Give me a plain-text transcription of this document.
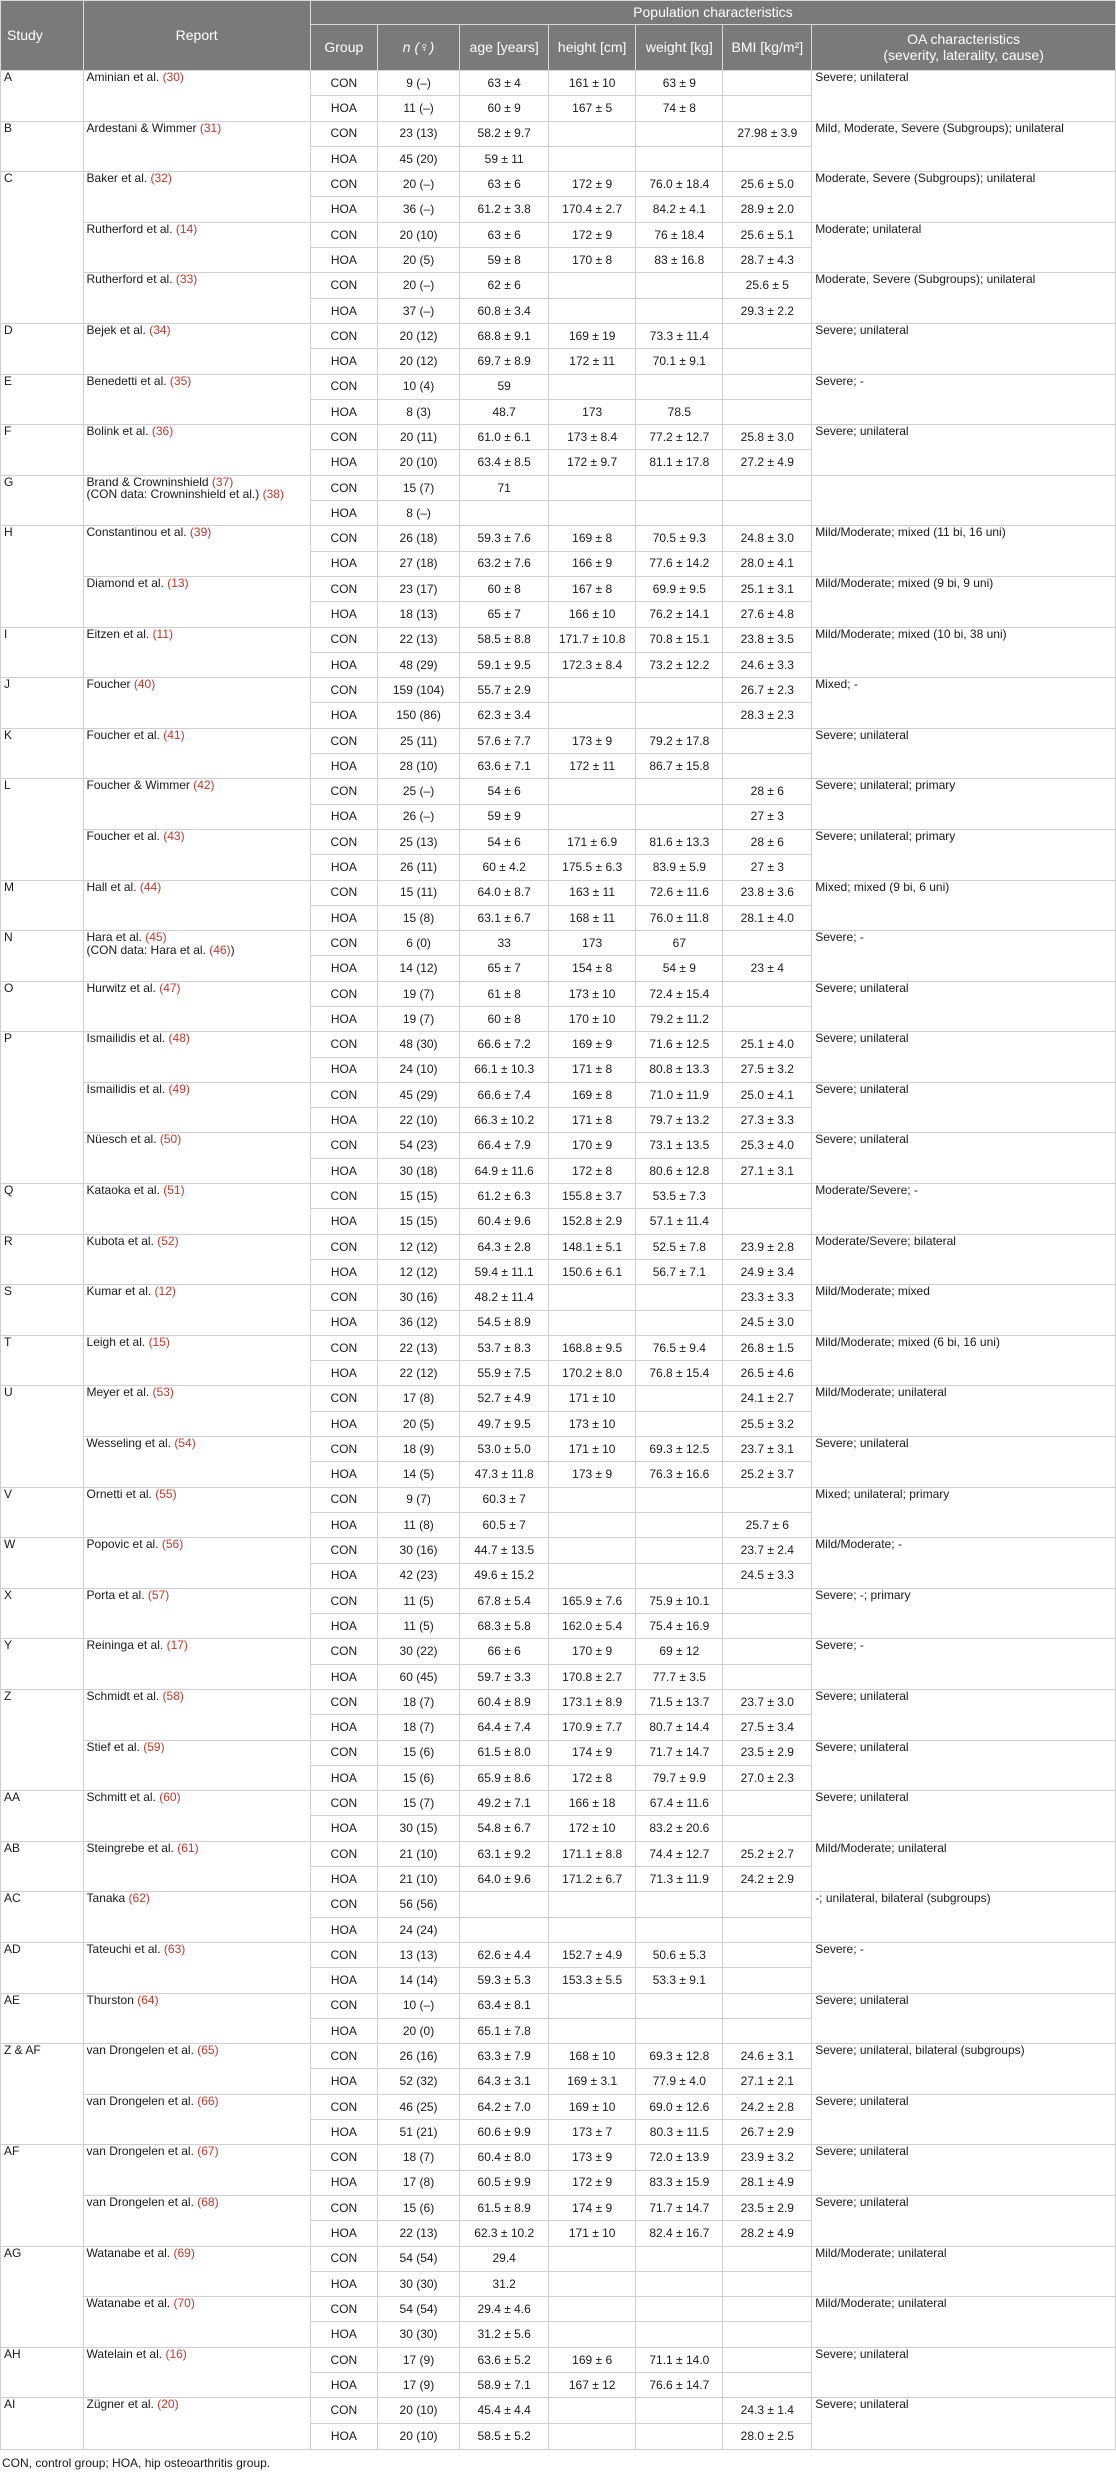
Study	Report	Population characteristics						
		Group	n (♀)	age [years]	height [cm]	weight [kg]	BMI [kg/m²]	OA characteristics
(severity, laterality, cause)
A	Aminian et al. (30)	CON	9 (–)	63 ± 4	161 ± 10	63 ± 9		Severe; unilateral
		HOA	11 (–)	60 ± 9	167 ± 5	74 ± 8		
B	Ardestani & Wimmer (31)	CON	23 (13)	58.2 ± 9.7			27.98 ± 3.9	Mild, Moderate, Severe (Subgroups); unilateral
		HOA	45 (20)	59 ± 11				
C	Baker et al. (32)	CON	20 (–)	63 ± 6	172 ± 9	76.0 ± 18.4	25.6 ± 5.0	Moderate, Severe (Subgroups); unilateral
		HOA	36 (–)	61.2 ± 3.8	170.4 ± 2.7	84.2 ± 4.1	28.9 ± 2.0	

	Rutherford et al. (14)	CON	20 (10)	63 ± 6	172 ± 9	76 ± 18.4	25.6 ± 5.1	Moderate; unilateral
		HOA	20 (5)	59 ± 8	170 ± 8	83 ± 16.8	28.7 ± 4.3	

	Rutherford et al. (33)	CON	20 (–)	62 ± 6			25.6 ± 5	Moderate, Severe (Subgroups); unilateral
		HOA	37 (–)	60.8 ± 3.4			29.3 ± 2.2	
D	Bejek et al. (34)	CON	20 (12)	68.8 ± 9.1	169 ± 19	73.3 ± 11.4		Severe; unilateral
		HOA	20 (12)	69.7 ± 8.9	172 ± 11	70.1 ± 9.1		
E	Benedetti et al. (35)	CON	10 (4)	59				Severe; -
		HOA	8 (3)	48.7	173	78.5		
F	Bolink et al. (36)	CON	20 (11)	61.0 ± 6.1	173 ± 8.4	77.2 ± 12.7	25.8 ± 3.0	Severe; unilateral
		HOA	20 (10)	63.4 ± 8.5	172 ± 9.7	81.1 ± 17.8	27.2 ± 4.9	
G	Brand & Crowninshield (37)
(CON data: Crowninshield et al.) (38)	CON	15 (7)	71				
		HOA	8 (–)					
H	Constantinou et al. (39)	CON	26 (18)	59.3 ± 7.6	169 ± 8	70.5 ± 9.3	24.8 ± 3.0	Mild/Moderate; mixed (11 bi, 16 uni)
		HOA	27 (18)	63.2 ± 7.6	166 ± 9	77.6 ± 14.2	28.0 ± 4.1	

	Diamond et al. (13)	CON	23 (17)	60 ± 8	167 ± 8	69.9 ± 9.5	25.1 ± 3.1	Mild/Moderate; mixed (9 bi, 9 uni)
		HOA	18 (13)	65 ± 7	166 ± 10	76.2 ± 14.1	27.6 ± 4.8	
I	Eitzen et al. (11)	CON	22 (13)	58.5 ± 8.8	171.7 ± 10.8	70.8 ± 15.1	23.8 ± 3.5	Mild/Moderate; mixed (10 bi, 38 uni)
		HOA	48 (29)	59.1 ± 9.5	172.3 ± 8.4	73.2 ± 12.2	24.6 ± 3.3	
J	Foucher (40)	CON	159 (104)	55.7 ± 2.9			26.7 ± 2.3	Mixed; -
		HOA	150 (86)	62.3 ± 3.4			28.3 ± 2.3	
K	Foucher et al. (41)	CON	25 (11)	57.6 ± 7.7	173 ± 9	79.2 ± 17.8		Severe; unilateral
		HOA	28 (10)	63.6 ± 7.1	172 ± 11	86.7 ± 15.8		
L	Foucher & Wimmer (42)	CON	25 (–)	54 ± 6			28 ± 6	Severe; unilateral; primary
		HOA	26 (–)	59 ± 9			27 ± 3	

	Foucher et al. (43)	CON	25 (13)	54 ± 6	171 ± 6.9	81.6 ± 13.3	28 ± 6	Severe; unilateral; primary
		HOA	26 (11)	60 ± 4.2	175.5 ± 6.3	83.9 ± 5.9	27 ± 3	
M	Hall et al. (44)	CON	15 (11)	64.0 ± 8.7	163 ± 11	72.6 ± 11.6	23.8 ± 3.6	Mixed; mixed (9 bi, 6 uni)
		HOA	15 (8)	63.1 ± 6.7	168 ± 11	76.0 ± 11.8	28.1 ± 4.0	
N	Hara et al. (45)
(CON data: Hara et al. (46))	CON	6 (0)	33	173	67		Severe; -
		HOA	14 (12)	65 ± 7	154 ± 8	54 ± 9	23 ± 4	
O	Hurwitz et al. (47)	CON	19 (7)	61 ± 8	173 ± 10	72.4 ± 15.4		Severe; unilateral
		HOA	19 (7)	60 ± 8	170 ± 10	79.2 ± 11.2		
P	Ismailidis et al. (48)	CON	48 (30)	66.6 ± 7.2	169 ± 9	71.6 ± 12.5	25.1 ± 4.0	Severe; unilateral
		HOA	24 (10)	66.1 ± 10.3	171 ± 8	80.8 ± 13.3	27.5 ± 3.2	

	Ismailidis et al. (49)	CON	45 (29)	66.6 ± 7.4	169 ± 8	71.0 ± 11.9	25.0 ± 4.1	Severe; unilateral
		HOA	22 (10)	66.3 ± 10.2	171 ± 8	79.7 ± 13.2	27.3 ± 3.3	

	Nüesch et al. (50)	CON	54 (23)	66.4 ± 7.9	170 ± 9	73.1 ± 13.5	25.3 ± 4.0	Severe; unilateral
		HOA	30 (18)	64.9 ± 11.6	172 ± 8	80.6 ± 12.8	27.1 ± 3.1	
Q	Kataoka et al. (51)	CON	15 (15)	61.2 ± 6.3	155.8 ± 3.7	53.5 ± 7.3		Moderate/Severe; -
		HOA	15 (15)	60.4 ± 9.6	152.8 ± 2.9	57.1 ± 11.4		
R	Kubota et al. (52)	CON	12 (12)	64.3 ± 2.8	148.1 ± 5.1	52.5 ± 7.8	23.9 ± 2.8	Moderate/Severe; bilateral
		HOA	12 (12)	59.4 ± 11.1	150.6 ± 6.1	56.7 ± 7.1	24.9 ± 3.4	
S	Kumar et al. (12)	CON	30 (16)	48.2 ± 11.4			23.3 ± 3.3	Mild/Moderate; mixed
		HOA	36 (12)	54.5 ± 8.9			24.5 ± 3.0	
T	Leigh et al. (15)	CON	22 (13)	53.7 ± 8.3	168.8 ± 9.5	76.5 ± 9.4	26.8 ± 1.5	Mild/Moderate; mixed (6 bi, 16 uni)
		HOA	22 (12)	55.9 ± 7.5	170.2 ± 8.0	76.8 ± 15.4	26.5 ± 4.6	
U	Meyer et al. (53)	CON	17 (8)	52.7 ± 4.9	171 ± 10		24.1 ± 2.7	Mild/Moderate; unilateral
		HOA	20 (5)	49.7 ± 9.5	173 ± 10		25.5 ± 3.2	

	Wesseling et al. (54)	CON	18 (9)	53.0 ± 5.0	171 ± 10	69.3 ± 12.5	23.7 ± 3.1	Severe; unilateral
		HOA	14 (5)	47.3 ± 11.8	173 ± 9	76.3 ± 16.6	25.2 ± 3.7	
V	Ornetti et al. (55)	CON	9 (7)	60.3 ± 7				Mixed; unilateral; primary
		HOA	11 (8)	60.5 ± 7			25.7 ± 6	
W	Popovic et al. (56)	CON	30 (16)	44.7 ± 13.5			23.7 ± 2.4	Mild/Moderate; -
		HOA	42 (23)	49.6 ± 15.2			24.5 ± 3.3	
X	Porta et al. (57)	CON	11 (5)	67.8 ± 5.4	165.9 ± 7.6	75.9 ± 10.1		Severe; -; primary
		HOA	11 (5)	68.3 ± 5.8	162.0 ± 5.4	75.4 ± 16.9		
Y	Reininga et al. (17)	CON	30 (22)	66 ± 6	170 ± 9	69 ± 12		Severe; -
		HOA	60 (45)	59.7 ± 3.3	170.8 ± 2.7	77.7 ± 3.5		
Z	Schmidt et al. (58)	CON	18 (7)	60.4 ± 8.9	173.1 ± 8.9	71.5 ± 13.7	23.7 ± 3.0	Severe; unilateral
		HOA	18 (7)	64.4 ± 7.4	170.9 ± 7.7	80.7 ± 14.4	27.5 ± 3.4	

	Stief et al. (59)	CON	15 (6)	61.5 ± 8.0	174 ± 9	71.7 ± 14.7	23.5 ± 2.9	Severe; unilateral
		HOA	15 (6)	65.9 ± 8.6	172 ± 8	79.7 ± 9.9	27.0 ± 2.3	
AA	Schmitt et al. (60)	CON	15 (7)	49.2 ± 7.1	166 ± 18	67.4 ± 11.6		Severe; unilateral
		HOA	30 (15)	54.8 ± 6.7	172 ± 10	83.2 ± 20.6		
AB	Steingrebe et al. (61)	CON	21 (10)	63.1 ± 9.2	171.1 ± 8.8	74.4 ± 12.7	25.2 ± 2.7	Mild/Moderate; unilateral
		HOA	21 (10)	64.0 ± 9.6	171.2 ± 6.7	71.3 ± 11.9	24.2 ± 2.9	
AC	Tanaka (62)	CON	56 (56)					-; unilateral, bilateral (subgroups)
		HOA	24 (24)					
AD	Tateuchi et al. (63)	CON	13 (13)	62.6 ± 4.4	152.7 ± 4.9	50.6 ± 5.3		Severe; -
		HOA	14 (14)	59.3 ± 5.3	153.3 ± 5.5	53.3 ± 9.1		
AE	Thurston (64)	CON	10 (–)	63.4 ± 8.1				Severe; unilateral
		HOA	20 (0)	65.1 ± 7.8				
Z & AF	van Drongelen et al. (65)	CON	26 (16)	63.3 ± 7.9	168 ± 10	69.3 ± 12.8	24.6 ± 3.1	Severe; unilateral, bilateral (subgroups)
		HOA	52 (32)	64.3 ± 3.1	169 ± 3.1	77.9 ± 4.0	27.1 ± 2.1	

	van Drongelen et al. (66)	CON	46 (25)	64.2 ± 7.0	169 ± 10	69.0 ± 12.6	24.2 ± 2.8	Severe; unilateral
		HOA	51 (21)	60.6 ± 9.9	173 ± 7	80.3 ± 11.5	26.7 ± 2.9	
AF	van Drongelen et al. (67)	CON	18 (7)	60.4 ± 8.0	173 ± 9	72.0 ± 13.9	23.9 ± 3.2	Severe; unilateral
		HOA	17 (8)	60.5 ± 9.9	172 ± 9	83.3 ± 15.9	28.1 ± 4.9	

	van Drongelen et al. (68)	CON	15 (6)	61.5 ± 8.9	174 ± 9	71.7 ± 14.7	23.5 ± 2.9	Severe; unilateral
		HOA	22 (13)	62.3 ± 10.2	171 ± 10	82.4 ± 16.7	28.2 ± 4.9	
AG	Watanabe et al. (69)	CON	54 (54)	29.4				Mild/Moderate; unilateral
		HOA	30 (30)	31.2				

	Watanabe et al. (70)	CON	54 (54)	29.4 ± 4.6				Mild/Moderate; unilateral
		HOA	30 (30)	31.2 ± 5.6				
AH	Watelain et al. (16)	CON	17 (9)	63.6 ± 5.2	169 ± 6	71.1 ± 14.0		Severe; unilateral
		HOA	17 (9)	58.9 ± 7.1	167 ± 12	76.6 ± 14.7		
AI	Zügner et al. (20)	CON	20 (10)	45.4 ± 4.4			24.3 ± 1.4	Severe; unilateral
		HOA	20 (10)	58.5 ± 5.2			28.0 ± 2.5	
CON, control group; HOA, hip osteoarthritis group.
